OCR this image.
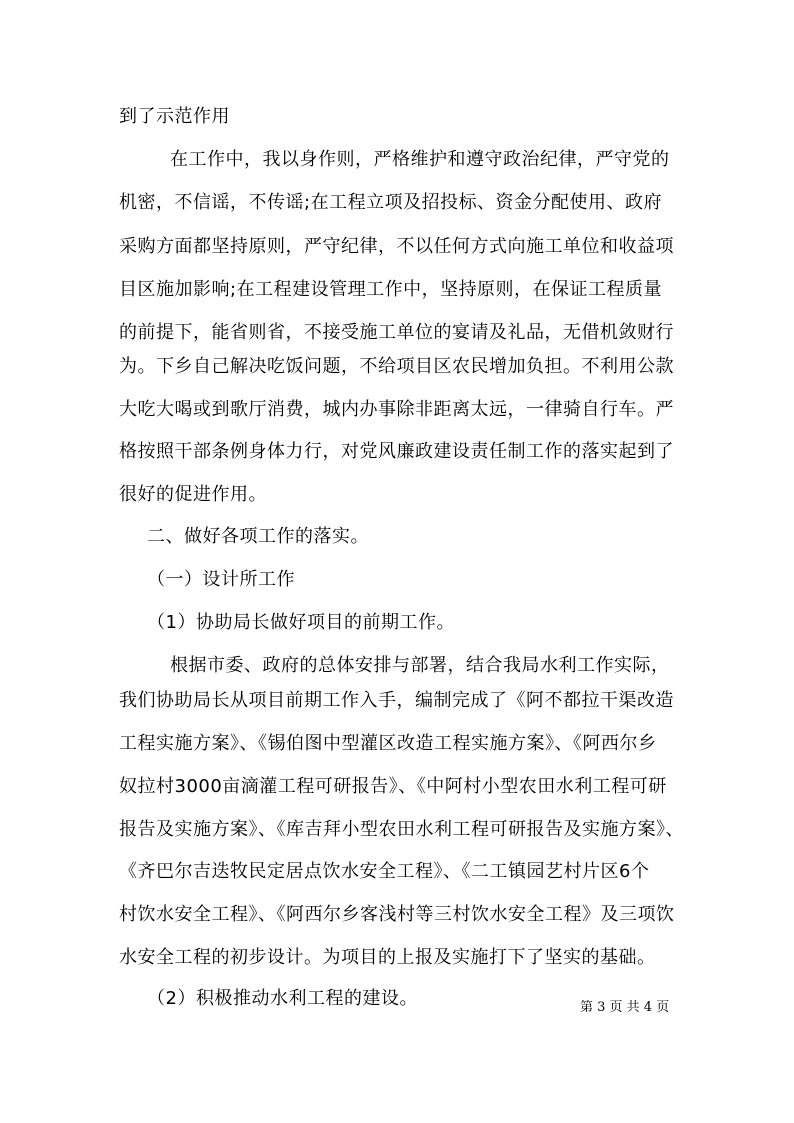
到了示范作用
在工作中，我以身作则，严格维护和遵守政治纪律，严守党的
机密，不信谣，不传谣;在工程立项及招投标、资金分配使用、政府
采购方面都坚持原则，严守纪律，不以任何方式向施工单位和收益项
目区施加影响;在工程建设管理工作中，坚持原则，在保证工程质量
的前提下，能省则省，不接受施工单位的宴请及礼品，无借机敛财行
为。下乡自己解决吃饭问题，不给项目区农民增加负担。不利用公款
大吃大喝或到歌厅消费，城内办事除非距离太远，一律骑自行车。严
格按照干部条例身体力行，对党风廉政建设责任制工作的落实起到了
很好的促进作用。
二、做好各项工作的落实。
（一）设计所工作
（1）协助局长做好项目的前期工作。
根据市委、政府的总体安排与部署，结合我局水利工作实际，
我们协助局长从项目前期工作入手，编制完成了《阿不都拉干渠改造
工程实施方案》、《锡伯图中型灌区改造工程实施方案》、《阿西尔乡
奴拉村3000亩滴灌工程可研报告》、《中阿村小型农田水利工程可研
报告及实施方案》、《库吉拜小型农田水利工程可研报告及实施方案》、
《齐巴尔吉迭牧民定居点饮水安全工程》、《二工镇园艺村片区6个
村饮水安全工程》、《阿西尔乡客浅村等三村饮水安全工程》及三项饮
水安全工程的初步设计。为项目的上报及实施打下了坚实的基础。
（2）积极推动水利工程的建设。	第 3 页 共 4 页
